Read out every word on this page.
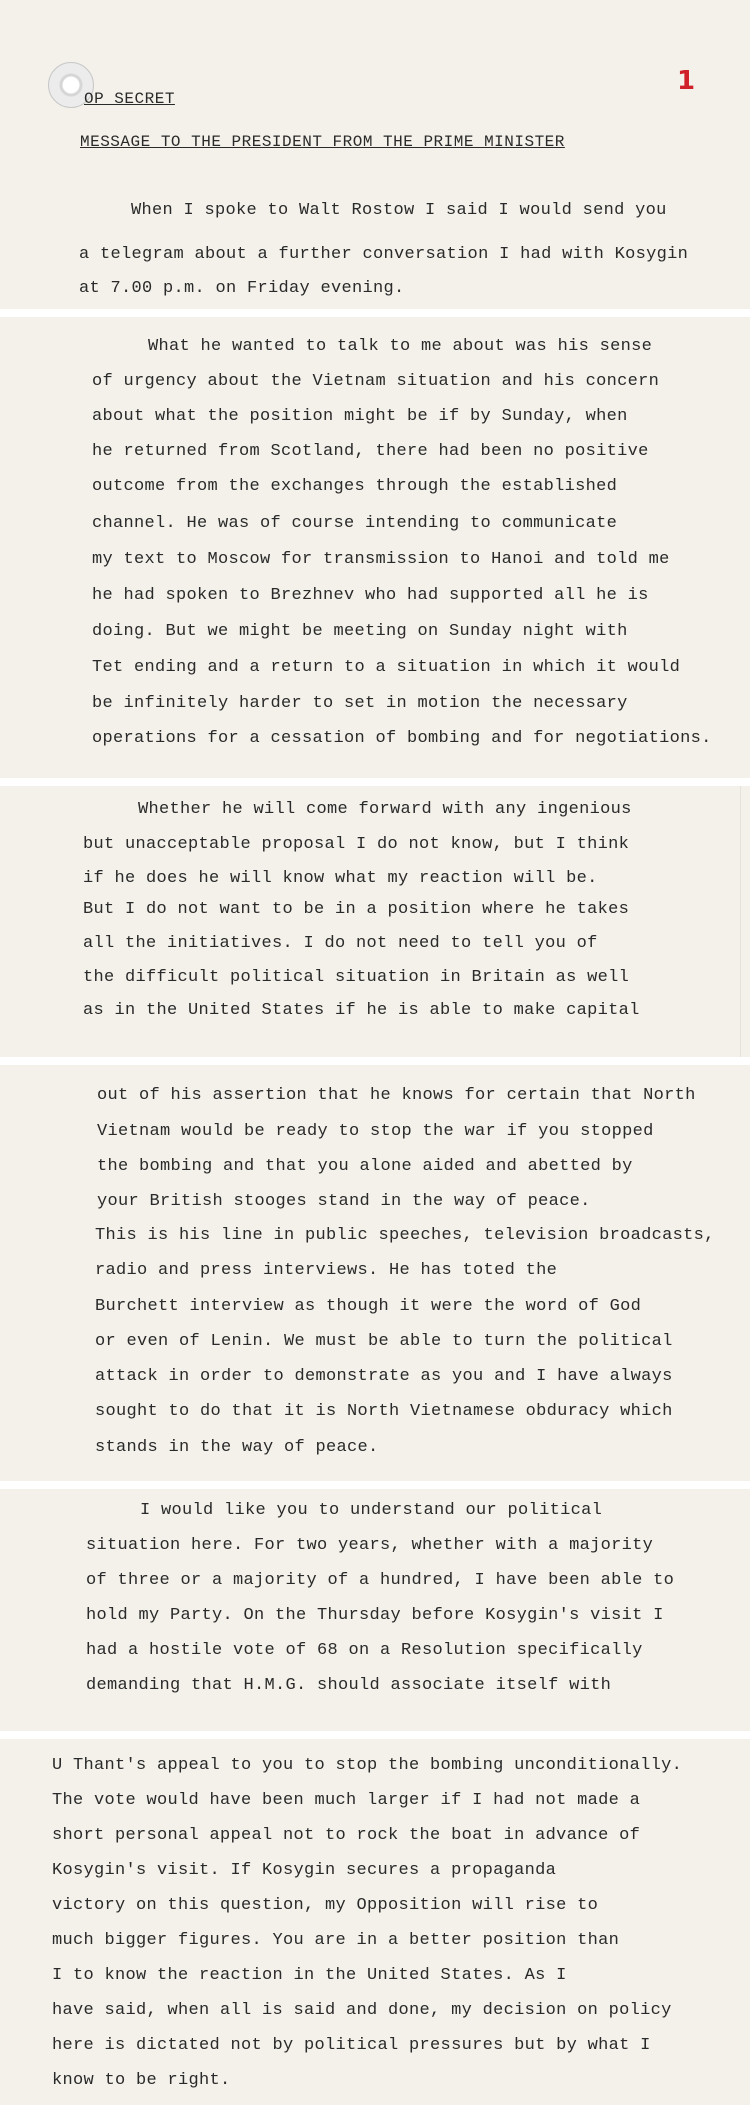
1
OP SECRET
MESSAGE TO THE PRESIDENT FROM THE PRIME MINISTER
When I spoke to Walt Rostow I said I would send you
a telegram about a further conversation I had with Kosygin
at 7.00 p.m. on Friday evening.
What he wanted to talk to me about was his sense
of urgency about the Vietnam situation and his concern
about what the position might be if by Sunday, when
he returned from Scotland, there had been no positive
outcome from the exchanges through the established
channel. He was of course intending to communicate
my text to Moscow for transmission to Hanoi and told me
he had spoken to Brezhnev who had supported all he is
doing. But we might be meeting on Sunday night with
Tet ending and a return to a situation in which it would
be infinitely harder to set in motion the necessary
operations for a cessation of bombing and for negotiations.
Whether he will come forward with any ingenious
but unacceptable proposal I do not know, but I think
if he does he will know what my reaction will be.
But I do not want to be in a position where he takes
all the initiatives. I do not need to tell you of
the difficult political situation in Britain as well
as in the United States if he is able to make capital
out of his assertion that he knows for certain that North
Vietnam would be ready to stop the war if you stopped
the bombing and that you alone aided and abetted by
your British stooges stand in the way of peace.
This is his line in public speeches, television broadcasts,
radio and press interviews. He has toted the
Burchett interview as though it were the word of God
or even of Lenin. We must be able to turn the political
attack in order to demonstrate as you and I have always
sought to do that it is North Vietnamese obduracy which
stands in the way of peace.
I would like you to understand our political
situation here. For two years, whether with a majority
of three or a majority of a hundred, I have been able to
hold my Party. On the Thursday before Kosygin's visit I
had a hostile vote of 68 on a Resolution specifically
demanding that H.M.G. should associate itself with
U Thant's appeal to you to stop the bombing unconditionally.
The vote would have been much larger if I had not made a
short personal appeal not to rock the boat in advance of
Kosygin's visit. If Kosygin secures a propaganda
victory on this question, my Opposition will rise to
much bigger figures. You are in a better position than
I to know the reaction in the United States. As I
have said, when all is said and done, my decision on policy
here is dictated not by political pressures but by what I
know to be right.
